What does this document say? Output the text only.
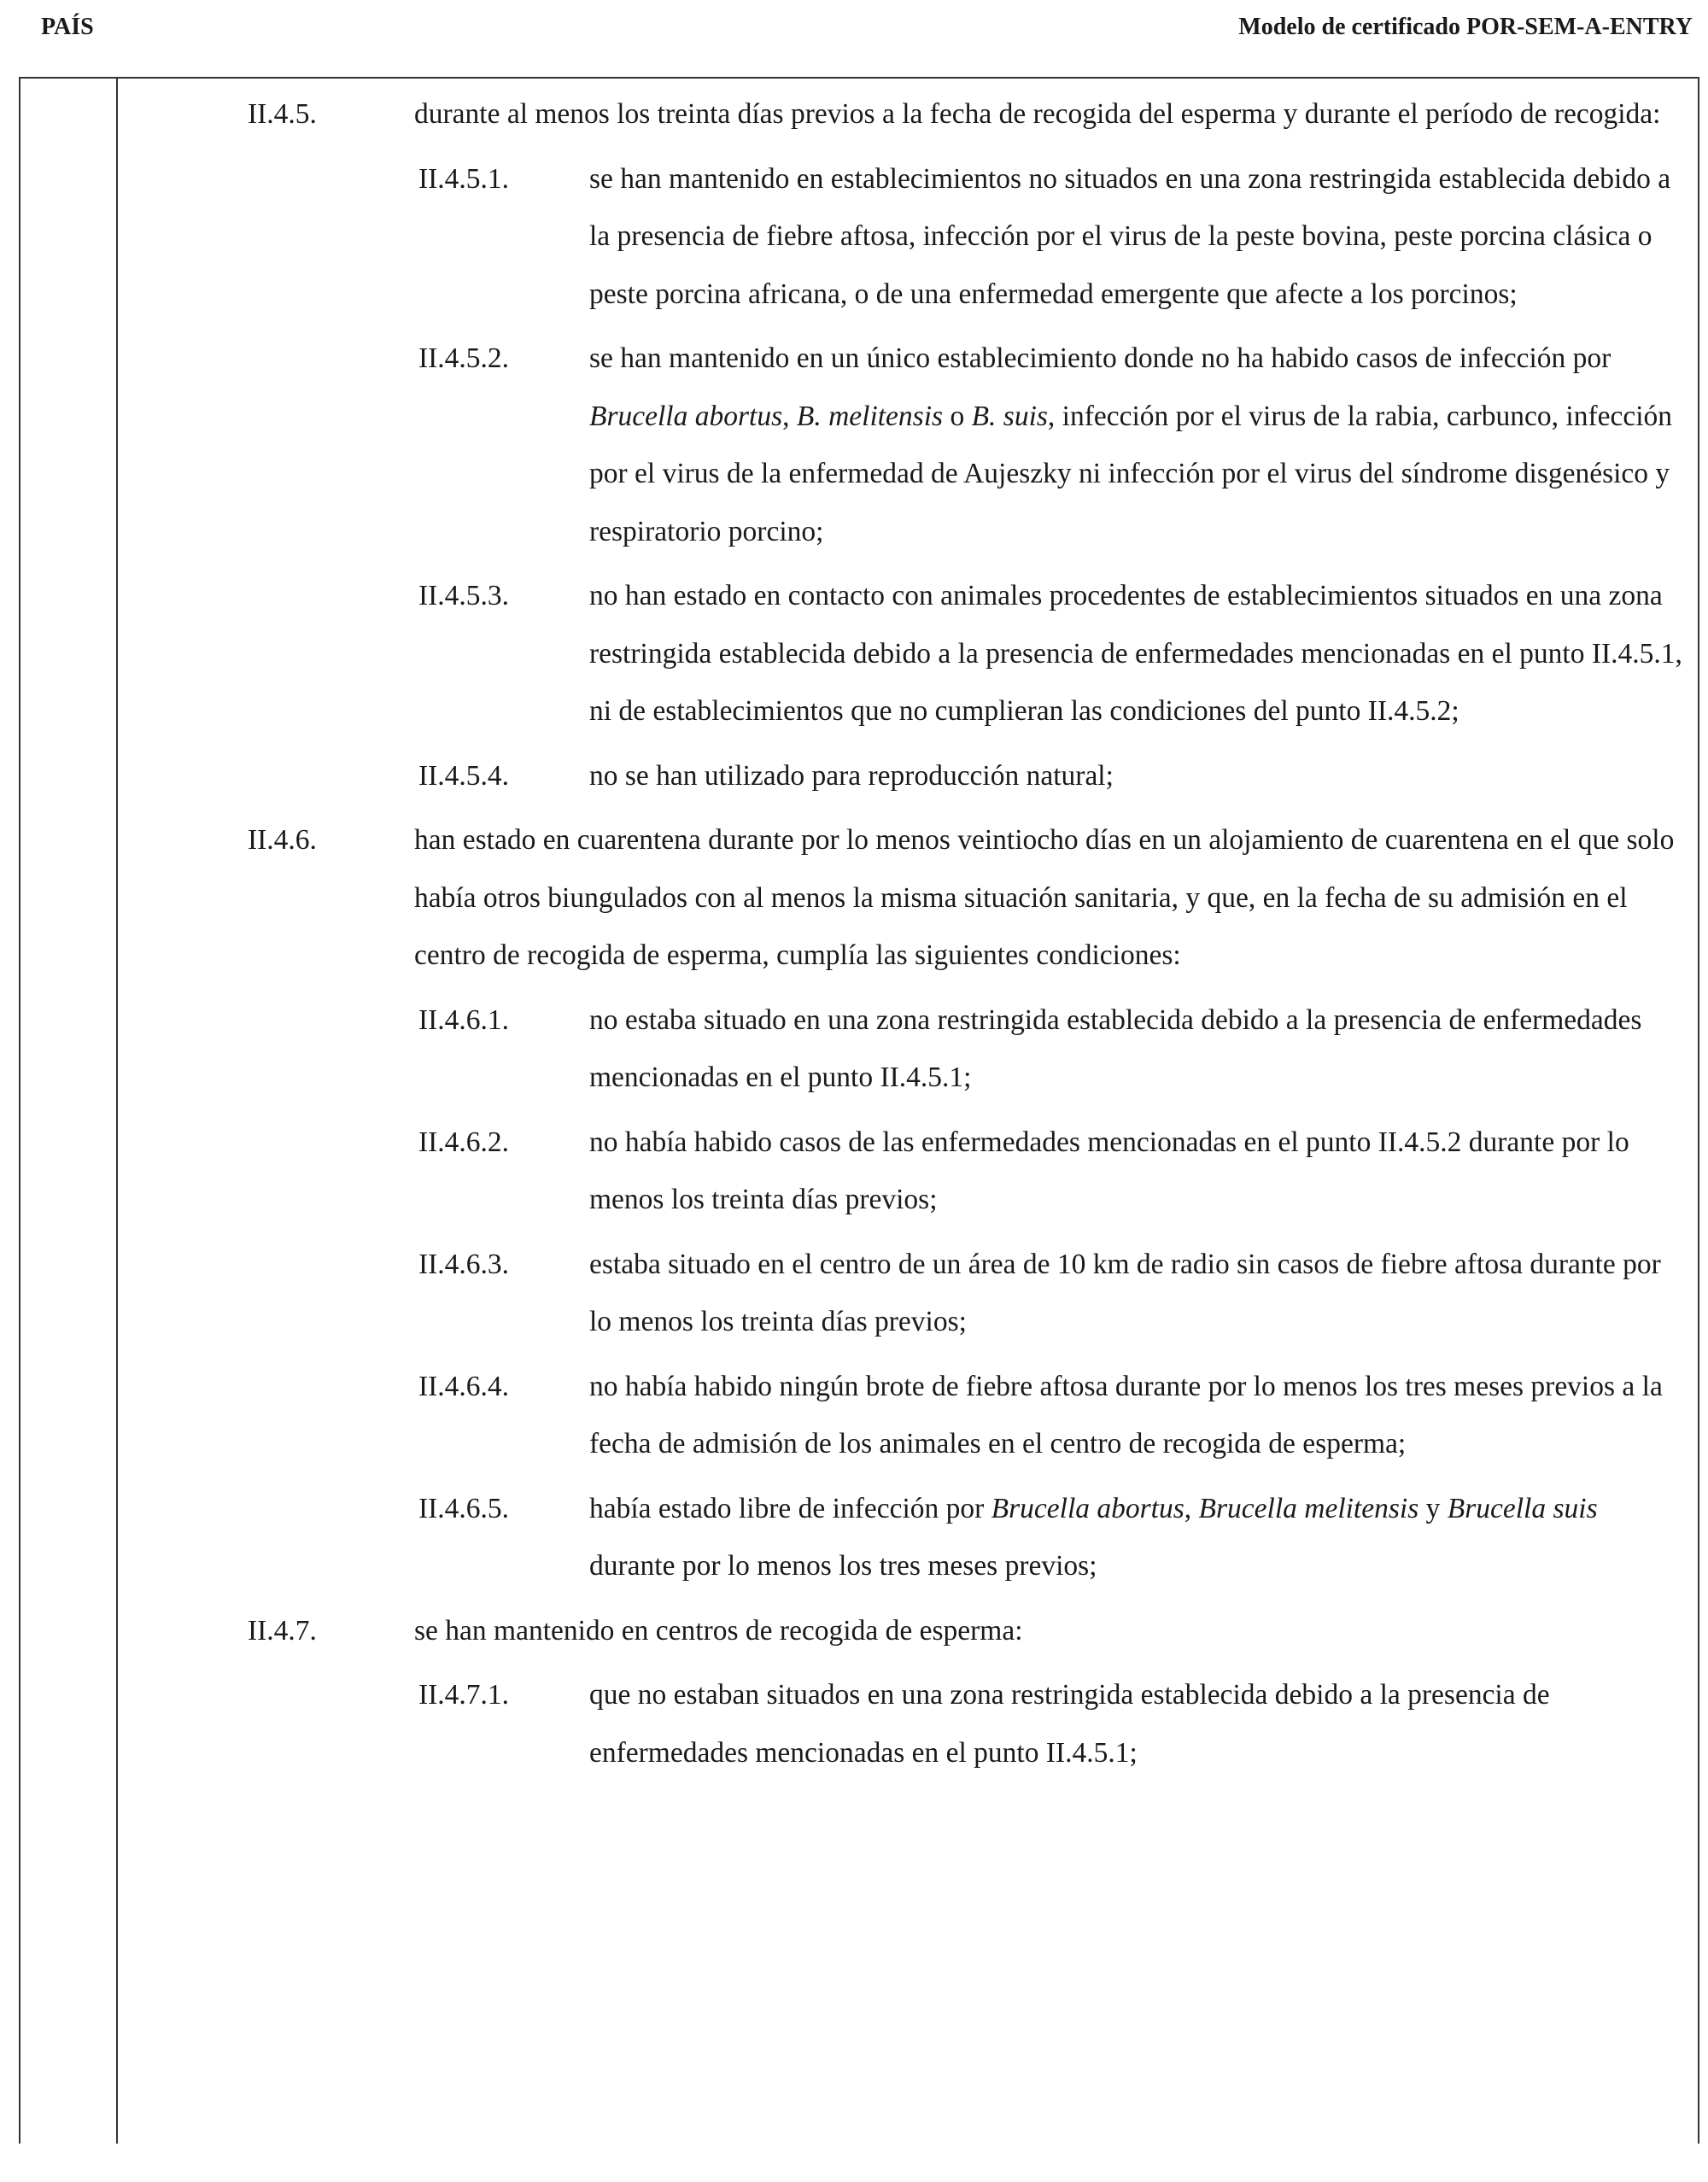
PAÍS	Modelo de certificado POR-SEM-A-ENTRY
II.4.5.	durante al menos los treinta días previos a la fecha de recogida del esperma y durante el período de recogida:
II.4.5.1.	se han mantenido en establecimientos no situados en una zona restringida establecida debido a la presencia de fiebre aftosa, infección por el virus de la peste bovina, peste porcina clásica o peste porcina africana, o de una enfermedad emergente que afecte a los porcinos;
II.4.5.2.	se han mantenido en un único establecimiento donde no ha habido casos de infección por Brucella abortus, B. melitensis o B. suis, infección por el virus de la rabia, carbunco, infección por el virus de la enfermedad de Aujeszky ni infección por el virus del síndrome disgenésico y respiratorio porcino;
II.4.5.3.	no han estado en contacto con animales procedentes de establecimientos situados en una zona restringida establecida debido a la presencia de enfermedades mencionadas en el punto II.4.5.1, ni de establecimientos que no cumplieran las condiciones del punto II.4.5.2;
II.4.5.4.	no se han utilizado para reproducción natural;
II.4.6.	han estado en cuarentena durante por lo menos veintiocho días en un alojamiento de cuarentena en el que solo había otros biungulados con al menos la misma situación sanitaria, y que, en la fecha de su admisión en el centro de recogida de esperma, cumplía las siguientes condiciones:
II.4.6.1.	no estaba situado en una zona restringida establecida debido a la presencia de enfermedades mencionadas en el punto II.4.5.1;
II.4.6.2.	no había habido casos de las enfermedades mencionadas en el punto II.4.5.2 durante por lo menos los treinta días previos;
II.4.6.3.	estaba situado en el centro de un área de 10 km de radio sin casos de fiebre aftosa durante por lo menos los treinta días previos;
II.4.6.4.	no había habido ningún brote de fiebre aftosa durante por lo menos los tres meses previos a la fecha de admisión de los animales en el centro de recogida de esperma;
II.4.6.5.	había estado libre de infección por Brucella abortus, Brucella melitensis y Brucella suis durante por lo menos los tres meses previos;
II.4.7.	se han mantenido en centros de recogida de esperma:
II.4.7.1.	que no estaban situados en una zona restringida establecida debido a la presencia de enfermedades mencionadas en el punto II.4.5.1;
